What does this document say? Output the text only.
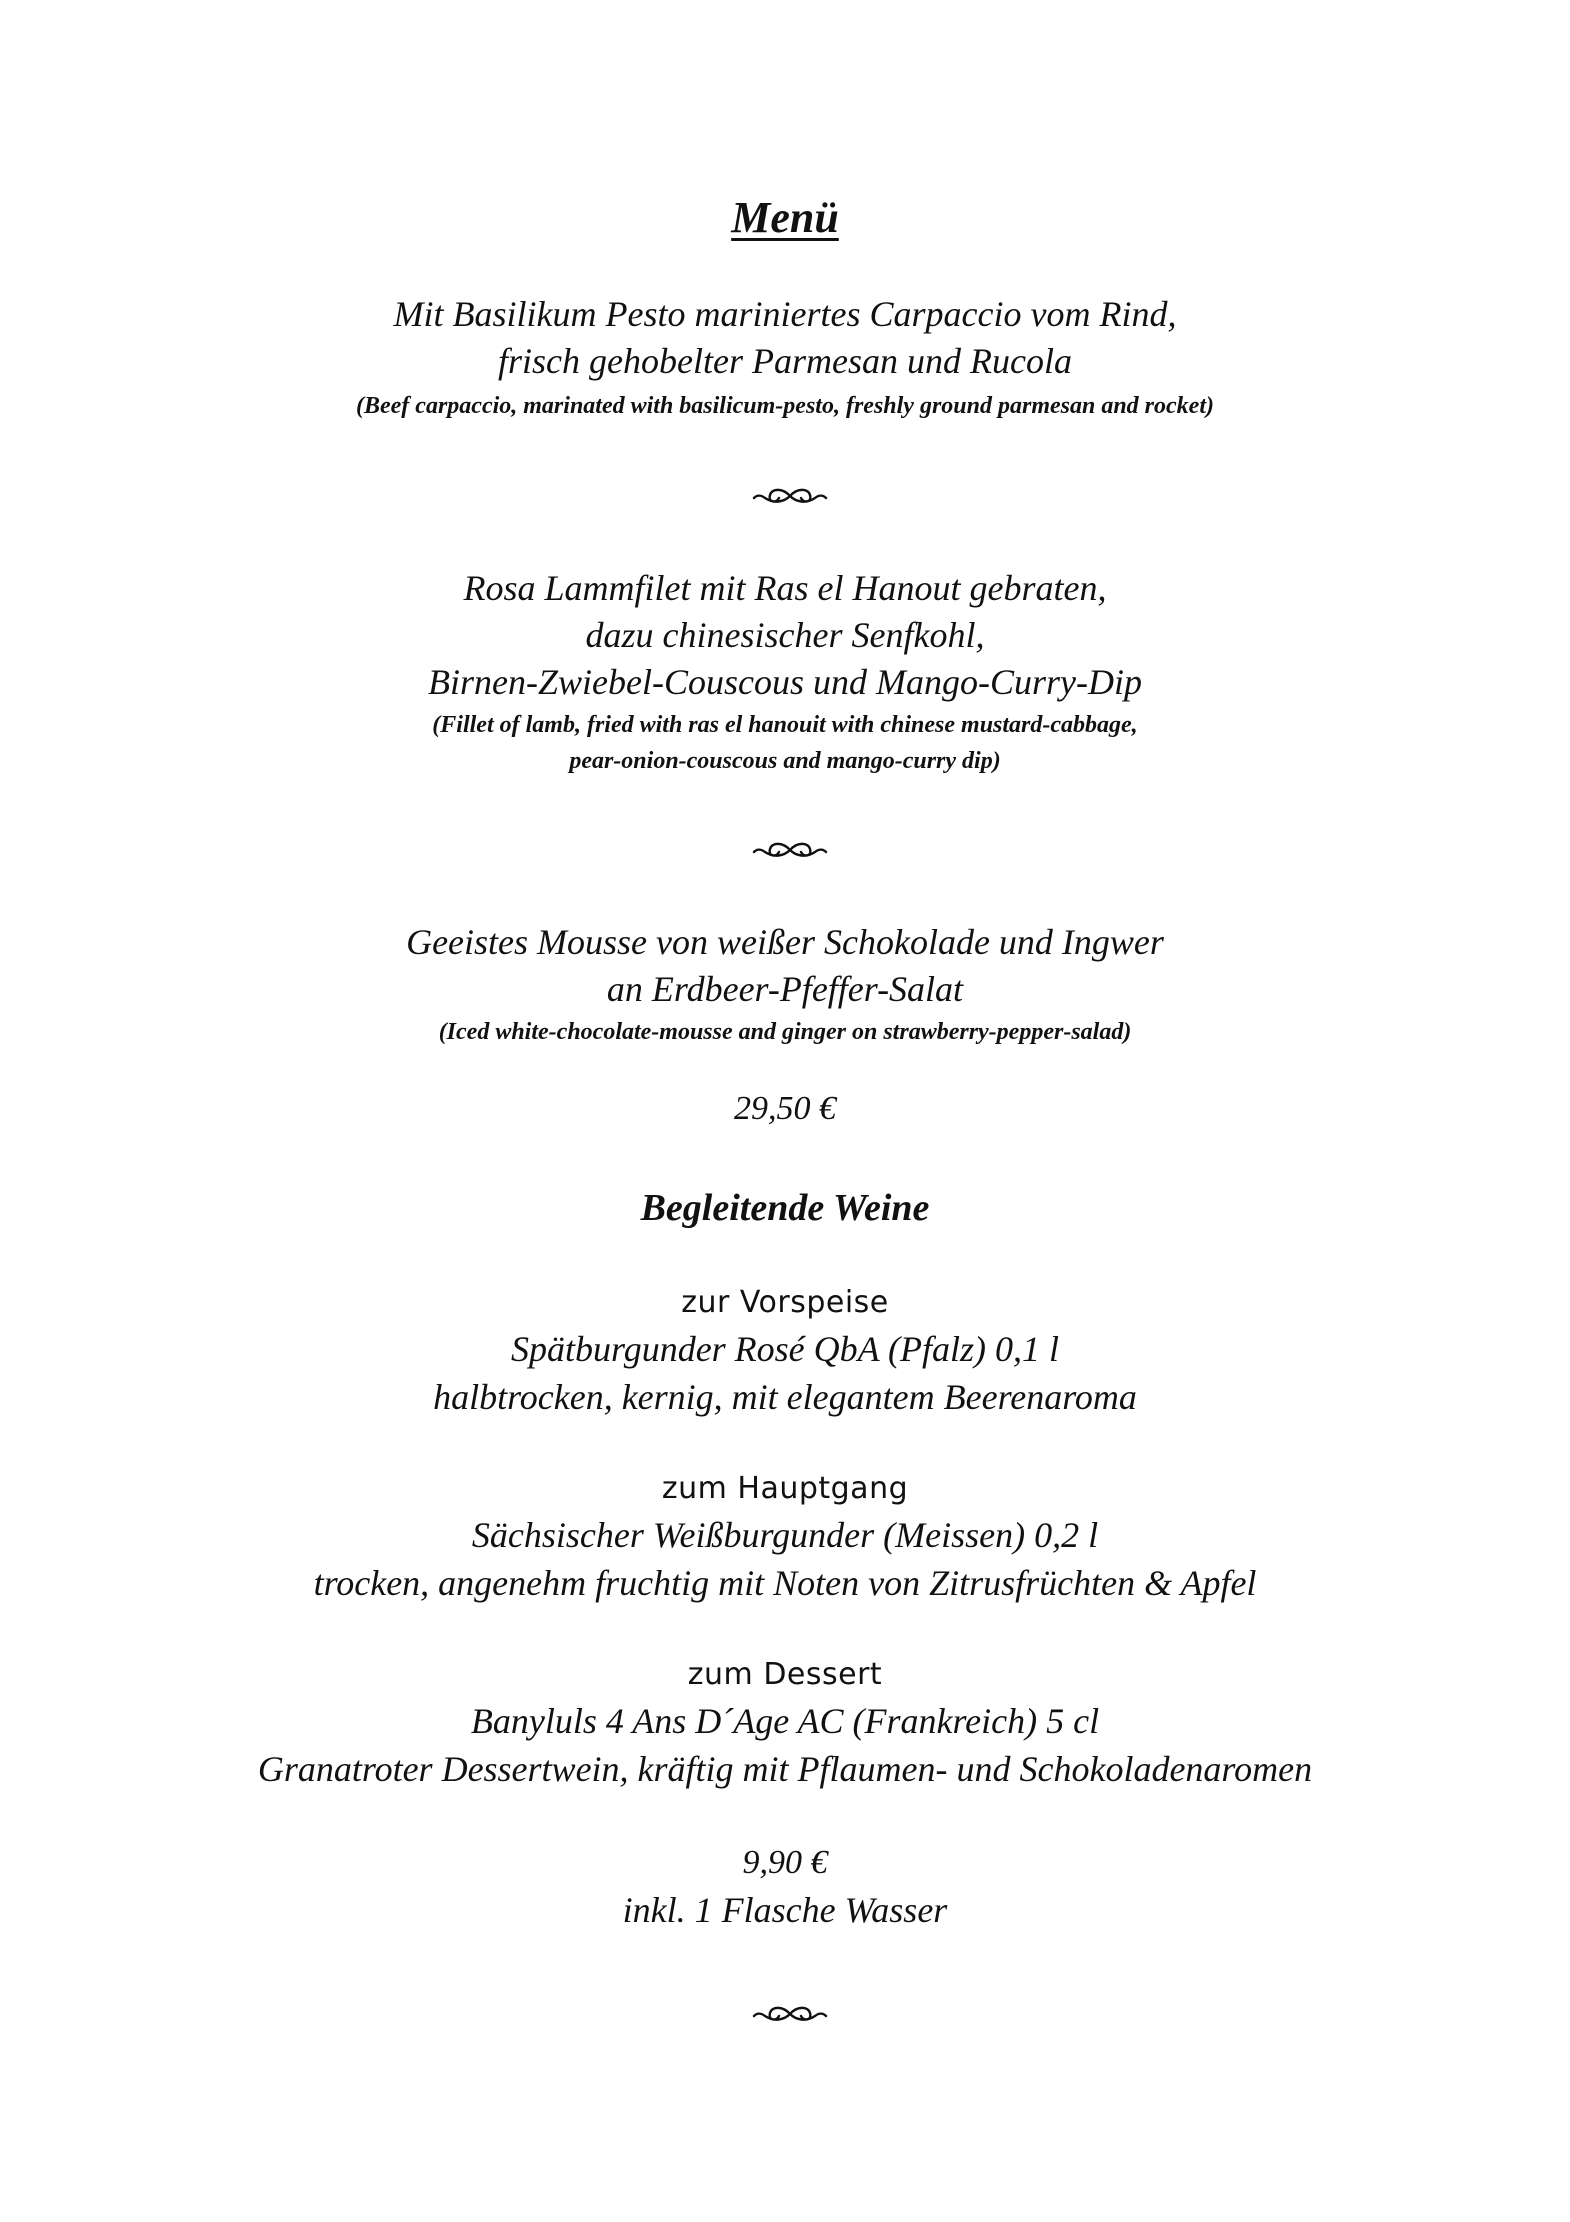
Menü
Mit Basilikum Pesto mariniertes Carpaccio vom Rind,
frisch gehobelter Parmesan und Rucola
(Beef carpaccio, marinated with basilicum-pesto, freshly ground parmesan and rocket)
Rosa Lammfilet mit Ras el Hanout gebraten,
dazu chinesischer Senfkohl,
Birnen-Zwiebel-Couscous und Mango-Curry-Dip
(Fillet of lamb, fried with ras el hanouit with chinese mustard-cabbage,
pear-onion-couscous and mango-curry dip)
Geeistes Mousse von weißer Schokolade und Ingwer
an Erdbeer-Pfeffer-Salat
(Iced white-chocolate-mousse and ginger on strawberry-pepper-salad)
29,50 €
Begleitende Weine
zur Vorspeise
Spätburgunder Rosé QbA (Pfalz) 0,1 l
halbtrocken, kernig, mit elegantem Beerenaroma
zum Hauptgang
Sächsischer Weißburgunder (Meissen) 0,2 l
trocken, angenehm fruchtig mit Noten von Zitrusfrüchten & Apfel
zum Dessert
Banyluls 4 Ans D´Age AC (Frankreich) 5 cl
Granatroter Dessertwein, kräftig mit Pflaumen- und Schokoladenaromen
9,90 €
inkl. 1 Flasche Wasser
